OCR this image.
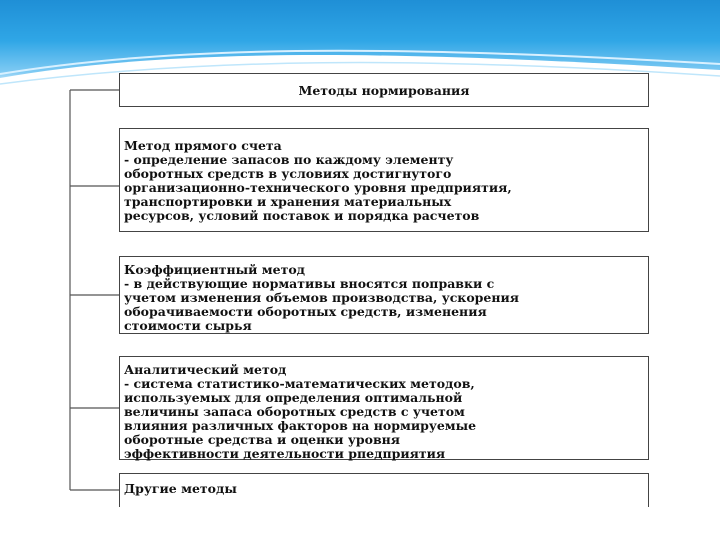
Методы нормирования
Метод прямого счета
- определение запасов по каждому элементу
оборотных средств в условиях достигнутого
организационно-технического уровня предприятия,
транспортировки и хранения материальных
ресурсов, условий поставок и порядка расчетов
Коэффициентный метод
- в действующие нормативы вносятся поправки с
учетом изменения объемов производства, ускорения
оборачиваемости оборотных средств, изменения
стоимости сырья
Аналитический метод
- система статистико-математических методов,
используемых для определения оптимальной
величины запаса оборотных средств с учетом
влияния различных факторов на нормируемые
оборотные средства и оценки уровня
эффективности деятельности рпедприятия
Другие методы
